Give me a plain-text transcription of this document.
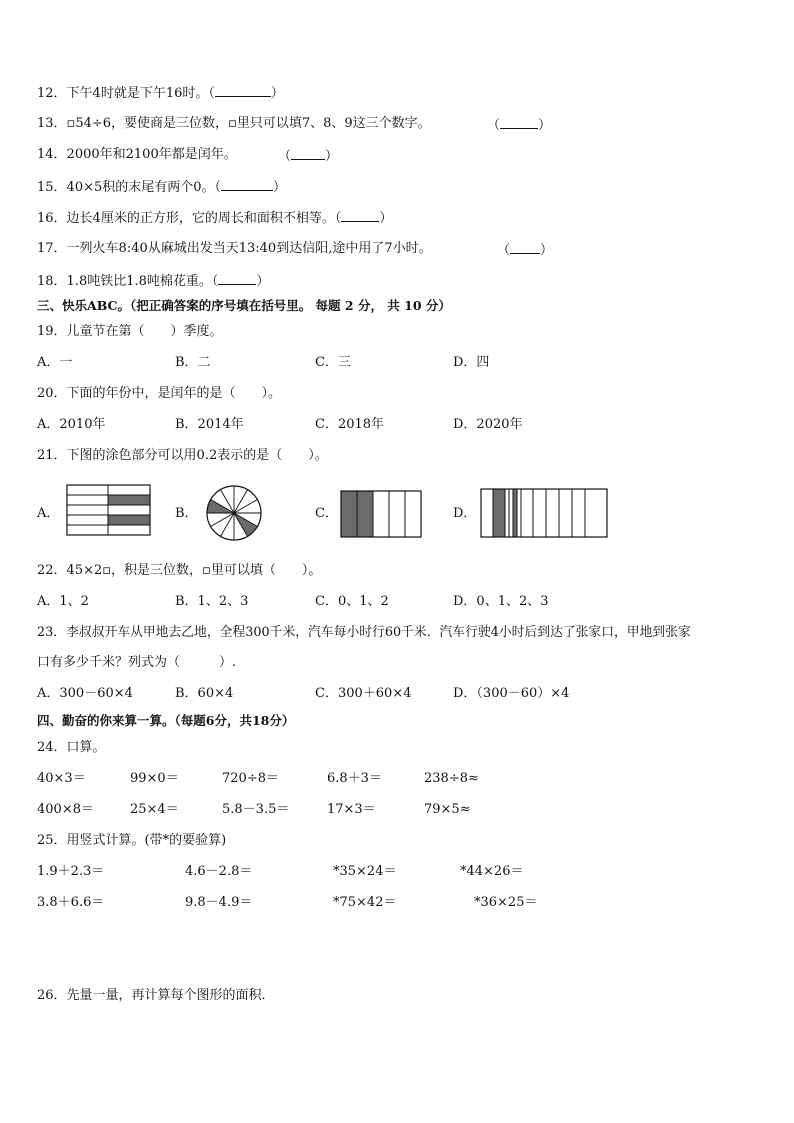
12．下午4时就是下午16时。（	）
13．▫54÷6，要使商是三位数，▫里只可以填7、8、9这三个数字。	（	）
14．2000年和2100年都是闰年。	（	）
15．40×5积的末尾有两个0。（	）
16．边长4厘米的正方形，它的周长和面积不相等。（	）
17．一列火车8:40从麻城出发当天13:40到达信阳,途中用了7小时。	（ ）
18．1.8吨铁比1.8吨棉花重。（	）
三、快乐ABC。（把正确答案的序号填在括号里。 每题 2 分， 共 10 分）
19．儿童节在第（　　）季度。
A．一	B．二	C．三	D．四
20．下面的年份中，是闰年的是（　　）。
A．2010年	B．2014年	C．2018年	D．2020年
21．下图的涂色部分可以用0.2表示的是（　　）。
A．	B．	C．	D．
22．45×2▫，积是三位数，▫里可以填（　　）。
A．1、2	B．1、2、3	C．0、1、2	D．0、1、2、3
23．李叔叔开车从甲地去乙地，全程300千米，汽车每小时行60千米．汽车行驶4小时后到达了张家口，甲地到张家
口有多少千米？列式为（　　　）.
A．300－60×4	B．60×4	C．300＋60×4	D．（300－60）×4
四、勤奋的你来算一算。（每题6分，共18分）
24．口算。
40×3＝	99×0＝	720÷8＝	6.8＋3＝	238÷8≈
400×8＝	25×4＝	5.8－3.5＝	17×3＝	79×5≈
25．用竖式计算。(带*的要验算)
1.9＋2.3＝	4.6－2.8＝	*35×24＝	*44×26＝
3.8＋6.6＝	9.8－4.9＝	*75×42＝	*36×25＝
26．先量一量，再计算每个图形的面积．
